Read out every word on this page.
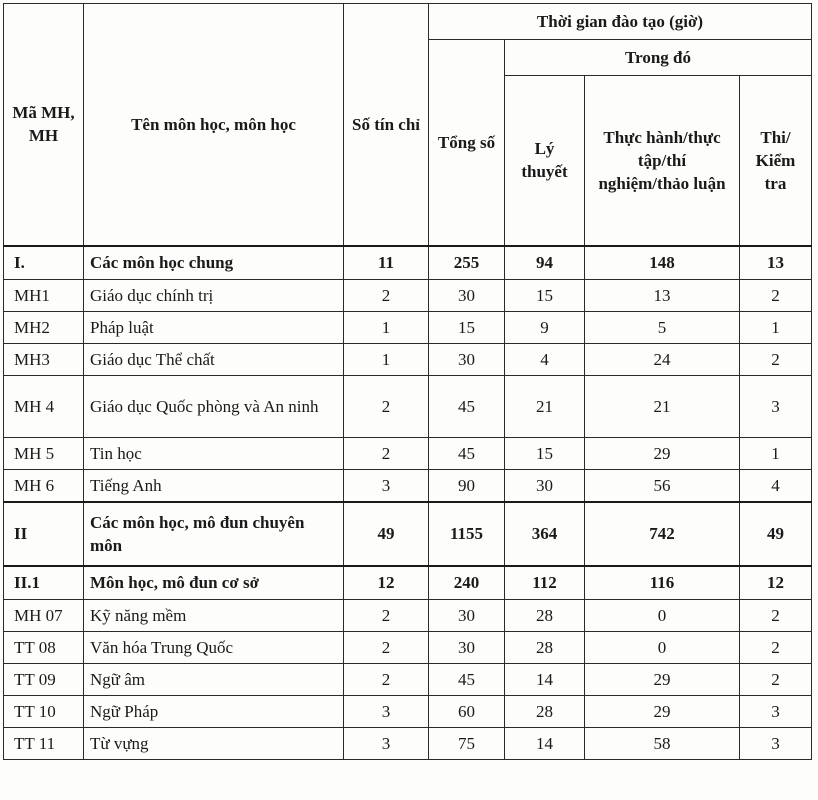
Mã MH, MH	Tên môn học, môn học	Số tín chỉ	Thời gian đào tạo (giờ)			
			Tổng số	Trong đó		
				Lý thuyết	Thực hành/thực tập/thí nghiệm/thảo luận	Thi/ Kiểm tra
I.	Các môn học chung	11	255	94	148	13
MH1	Giáo dục chính trị	2	30	15	13	2
MH2	Pháp luật	1	15	9	5	1
MH3	Giáo dục Thể chất	1	30	4	24	2
MH 4	Giáo dục Quốc phòng và An ninh	2	45	21	21	3
MH 5	Tin học	2	45	15	29	1
MH 6	Tiếng Anh	3	90	30	56	4
II	Các môn học, mô đun chuyên môn	49	1155	364	742	49
II.1	Môn học, mô đun cơ sở	12	240	112	116	12
MH 07	Kỹ năng mềm	2	30	28	0	2
TT 08	Văn hóa Trung Quốc	2	30	28	0	2
TT 09	Ngữ âm	2	45	14	29	2
TT 10	Ngữ Pháp	3	60	28	29	3
TT 11	Từ vựng	3	75	14	58	3
